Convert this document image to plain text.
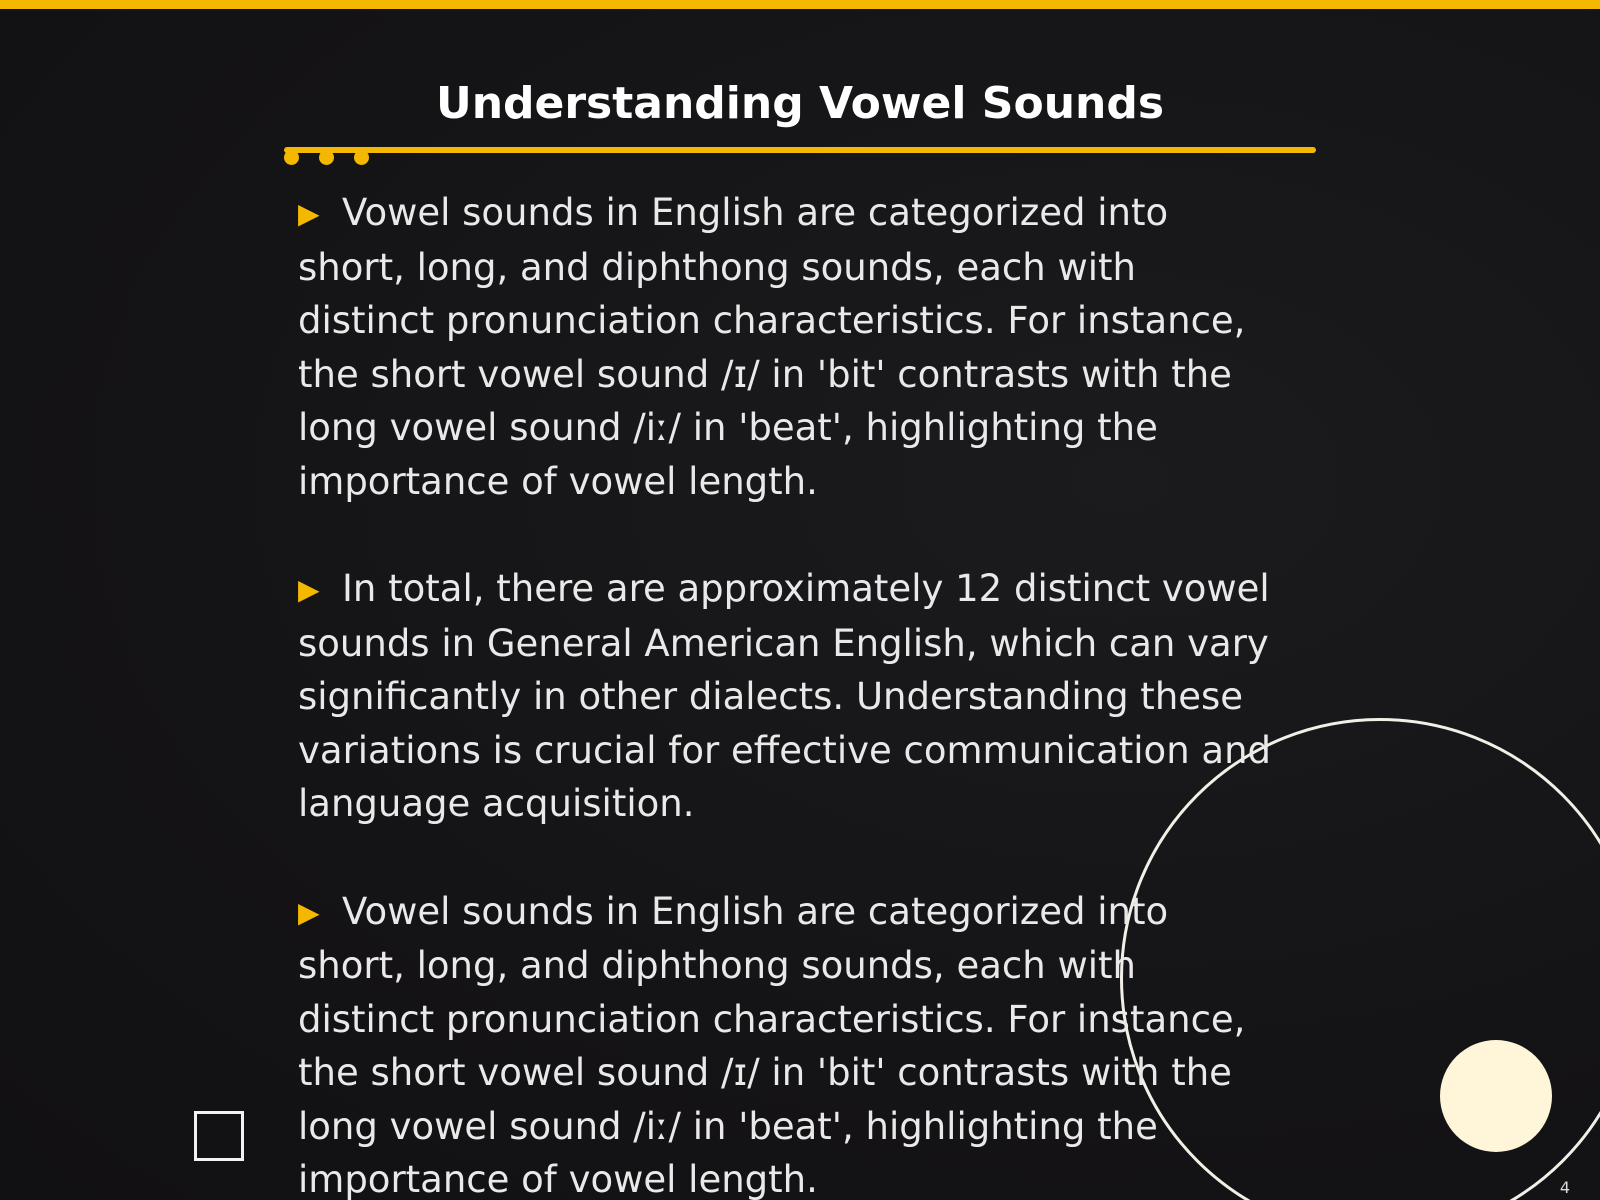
Understanding Vowel Sounds

▶ Vowel sounds in English are categorized into short, long, and diphthong sounds, each with distinct pronunciation characteristics. For instance, the short vowel sound /ɪ/ in 'bit' contrasts with the long vowel sound /iː/ in 'beat', highlighting the importance of vowel length.

▶ In total, there are approximately 12 distinct vowel sounds in General American English, which can vary significantly in other dialects. Understanding these variations is crucial for effective communication and language acquisition.

▶ Vowel sounds in English are categorized into short, long, and diphthong sounds, each with distinct pronunciation characteristics. For instance, the short vowel sound /ɪ/ in 'bit' contrasts with the long vowel sound /iː/ in 'beat', highlighting the importance of vowel length.	4
